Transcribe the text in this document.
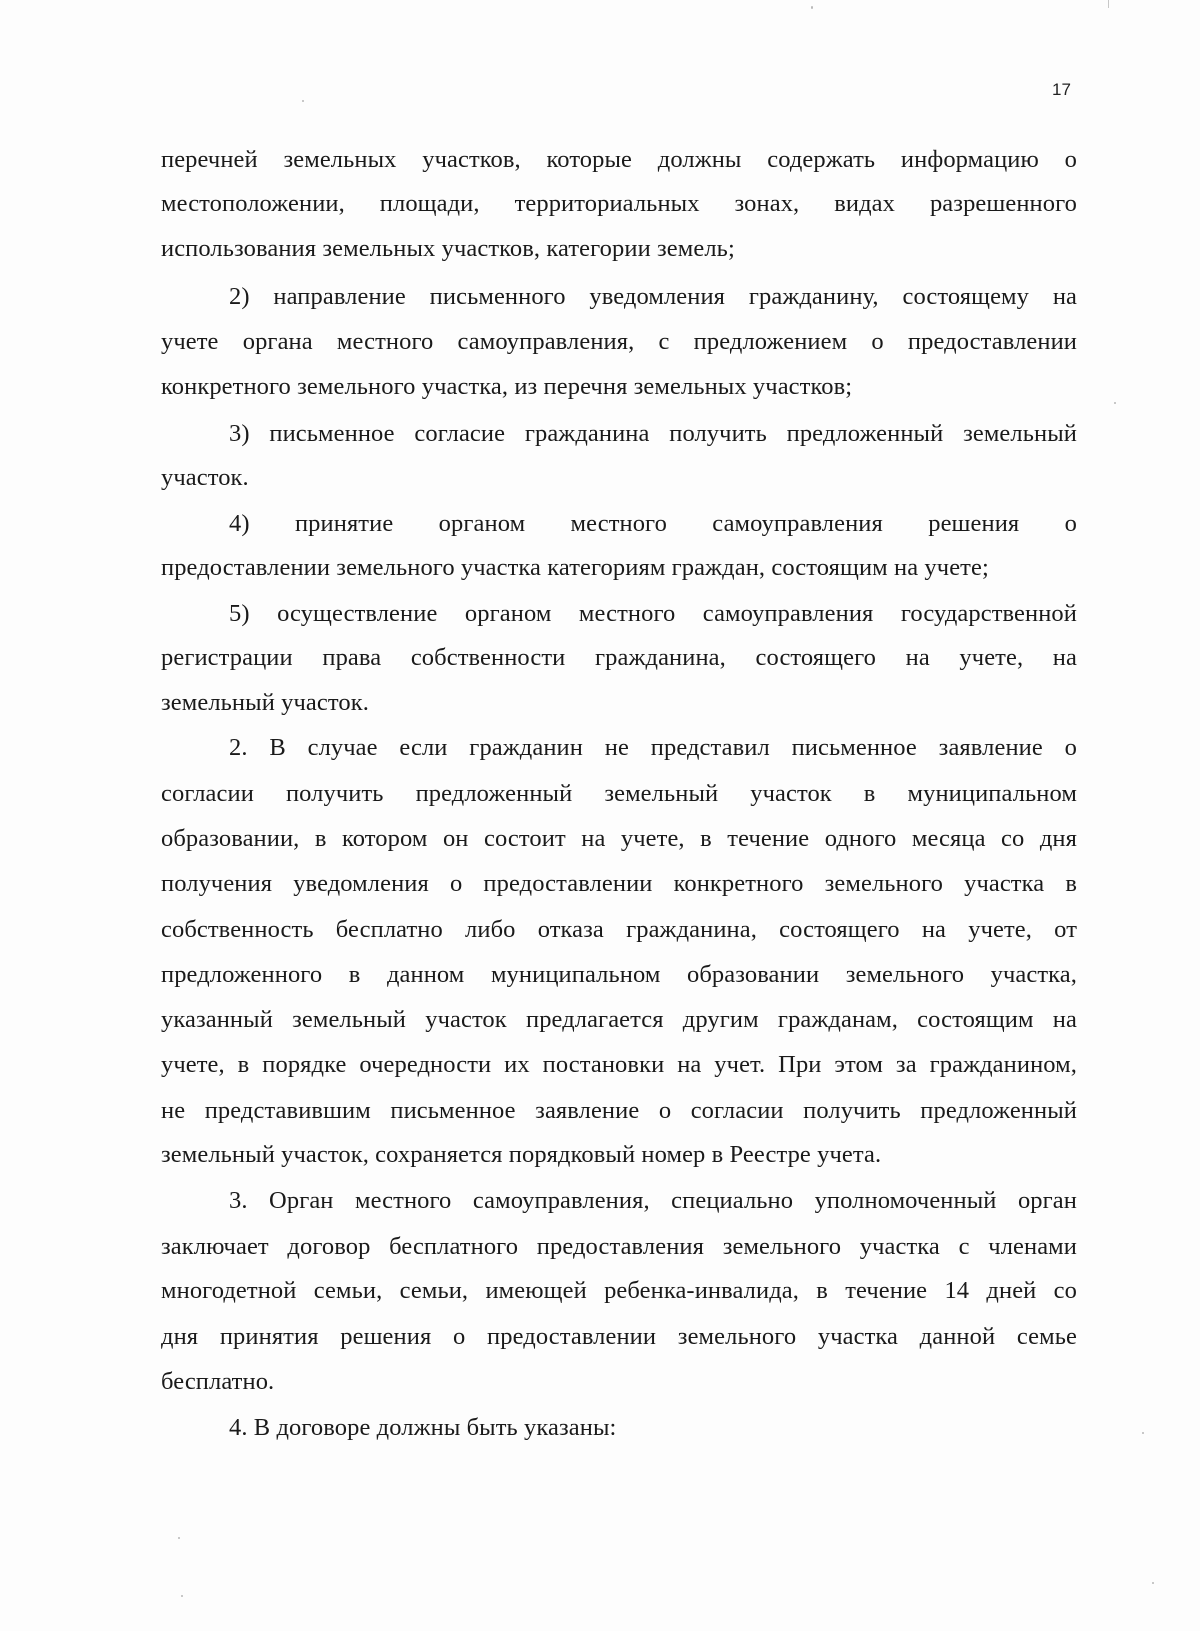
17
перечней земельных участков, которые должны содержать информацию о
местоположении, площади, территориальных зонах, видах разрешенного
использования земельных участков, категории земель;
2) направление письменного уведомления гражданину, состоящему на
учете органа местного самоуправления, с предложением о предоставлении
конкретного земельного участка, из перечня земельных участков;
3) письменное согласие гражданина получить предложенный земельный
участок.
4) принятие органом местного самоуправления решения о
предоставлении земельного участка категориям граждан, состоящим на учете;
5) осуществление органом местного самоуправления государственной
регистрации права собственности гражданина, состоящего на учете, на
земельный участок.
2. В случае если гражданин не представил письменное заявление о
согласии получить предложенный земельный участок в муниципальном
образовании, в котором он состоит на учете, в течение одного месяца со дня
получения уведомления о предоставлении конкретного земельного участка в
собственность бесплатно либо отказа гражданина, состоящего на учете, от
предложенного в данном муниципальном образовании земельного участка,
указанный земельный участок предлагается другим гражданам, состоящим на
учете, в порядке очередности их постановки на учет. При этом за гражданином,
не представившим письменное заявление о согласии получить предложенный
земельный участок, сохраняется порядковый номер в Реестре учета.
3. Орган местного самоуправления, специально уполномоченный орган
заключает договор бесплатного предоставления земельного участка с членами
многодетной семьи, семьи, имеющей ребенка-инвалида, в течение 14 дней со
дня принятия решения о предоставлении земельного участка данной семье
бесплатно.
4. В договоре должны быть указаны:
